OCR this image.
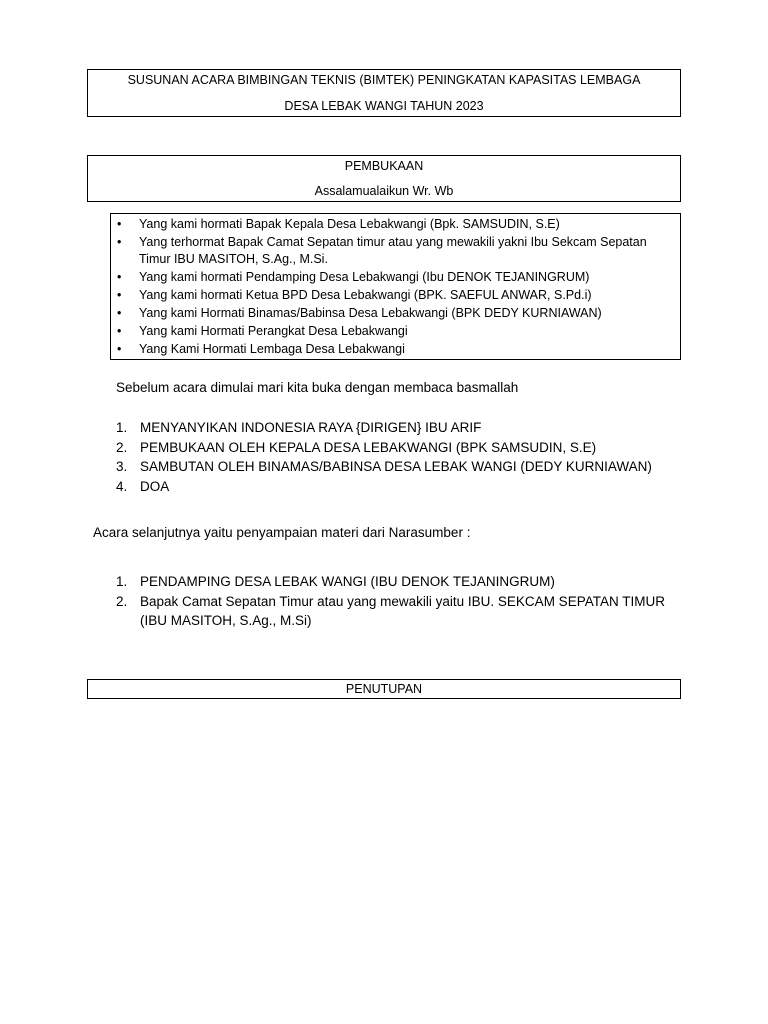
SUSUNAN ACARA BIMBINGAN TEKNIS (BIMTEK) PENINGKATAN KAPASITAS LEMBAGA
DESA LEBAK WANGI TAHUN 2023
PEMBUKAAN
Assalamualaikun Wr. Wb
• Yang kami hormati Bapak Kepala Desa Lebakwangi (Bpk. SAMSUDIN, S.E)
• Yang terhormat Bapak Camat Sepatan timur atau yang mewakili yakni Ibu Sekcam Sepatan Timur IBU MASITOH, S.Ag., M.Si.
• Yang kami hormati Pendamping Desa Lebakwangi (Ibu DENOK TEJANINGRUM)
• Yang kami hormati Ketua BPD Desa Lebakwangi (BPK. SAEFUL ANWAR, S.Pd.i)
• Yang kami Hormati Binamas/Babinsa Desa Lebakwangi (BPK DEDY KURNIAWAN)
• Yang kami Hormati Perangkat Desa Lebakwangi
• Yang Kami Hormati Lembaga Desa Lebakwangi
Sebelum acara dimulai mari kita buka dengan membaca basmallah
1. MENYANYIKAN INDONESIA RAYA {DIRIGEN} IBU ARIF
2. PEMBUKAAN OLEH KEPALA DESA LEBAKWANGI (BPK SAMSUDIN, S.E)
3. SAMBUTAN OLEH BINAMAS/BABINSA DESA LEBAK WANGI (DEDY KURNIAWAN)
4. DOA
Acara selanjutnya yaitu penyampaian materi dari Narasumber :
1. PENDAMPING DESA LEBAK WANGI (IBU DENOK TEJANINGRUM)
2. Bapak Camat Sepatan Timur atau yang mewakili yaitu IBU. SEKCAM SEPATAN TIMUR (IBU MASITOH, S.Ag., M.Si)
PENUTUPAN
